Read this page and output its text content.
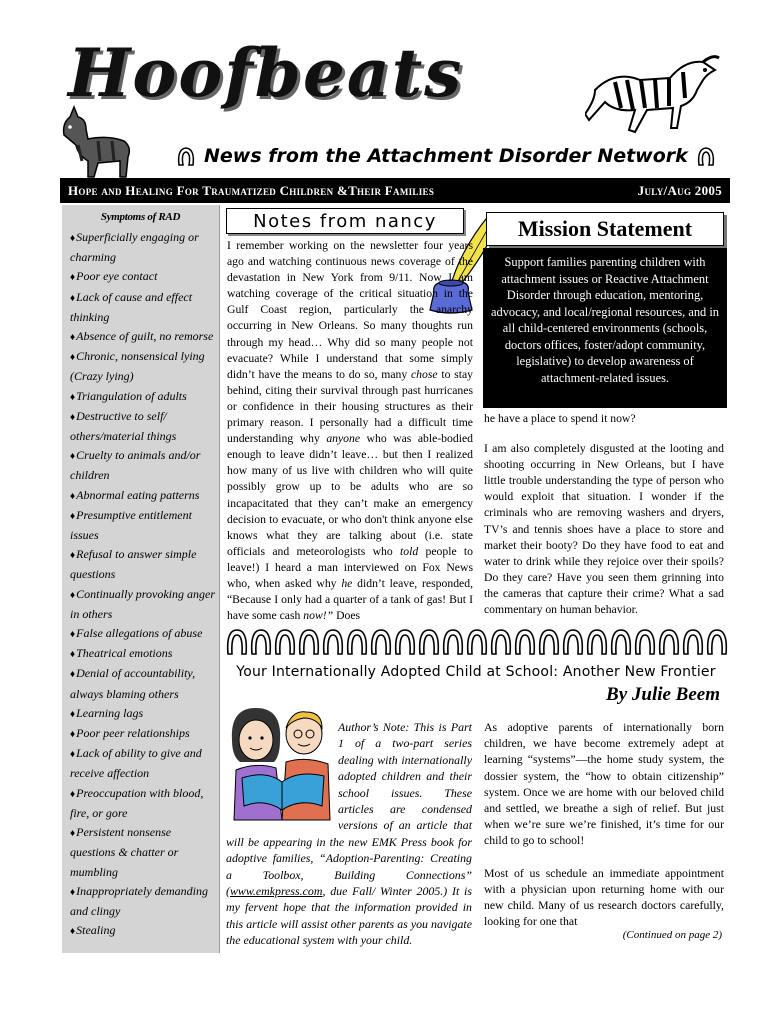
Hoofbeats
News from the Attachment Disorder Network
Hope and Healing For Traumatized Children &Their Families	July/Aug 2005
Symptoms of RAD
♦ Superficially engaging or charming
♦ Poor eye contact
♦ Lack of cause and effect thinking
♦ Absence of guilt, no remorse
♦ Chronic, nonsensical lying (Crazy lying)
♦ Triangulation of adults
♦ Destructive to self/ others/material things
♦ Cruelty to animals and/or children
♦ Abnormal eating patterns
♦ Presumptive entitlement issues
♦ Refusal to answer simple questions
♦ Continually provoking anger in others
♦ False allegations of abuse
♦ Theatrical emotions
♦ Denial of accountability, always blaming others
♦ Learning lags
♦ Poor peer relationships
♦ Lack of ability to give and receive affection
♦ Preoccupation with blood, fire, or gore
♦ Persistent nonsense questions & chatter or mumbling
♦ Inappropriately demanding and clingy
♦ Stealing
Notes from nancy
I remember working on the newsletter four years ago and watching continuous news coverage of the devastation in New York from 9/11. Now I am watching coverage of the critical situation in the Gulf Coast region, particularly the anarchy occurring in New Orleans. So many thoughts run through my head… Why did so many people not evacuate? While I understand that some simply didn’t have the means to do so, many chose to stay behind, citing their survival through past hurricanes or confidence in their housing structures as their primary reason. I personally had a difficult time understanding why anyone who was able-bodied enough to leave didn’t leave… but then I realized how many of us live with children who will quite possibly grow up to be adults who are so incapacitated that they can’t make an emergency decision to evacuate, or who don't think anyone else knows what they are talking about (i.e. state officials and meteorologists who told people to leave!) I heard a man interviewed on Fox News who, when asked why he didn’t leave, responded, “Because I only had a quarter of a tank of gas! But I have some cash now!” Does
Mission Statement
Support families parenting children with attachment issues or Reactive Attachment Disorder through education, mentoring, advocacy, and local/regional resources, and in all child-centered environments (schools, doctors offices, foster/adopt community, legislative) to develop awareness of attachment-related issues.

he have a place to spend it now?

I am also completely disgusted at the looting and shooting occurring in New Orleans, but I have little trouble understanding the type of person who would exploit that situation. I wonder if the criminals who are removing washers and dryers, TV’s and tennis shoes have a place to store and market their booty? Do they have food to eat and water to drink while they rejoice over their spoils? Do they care? Have you seen them grinning into the cameras that capture their crime? What a sad commentary on human behavior.

Your Internationally Adopted Child at School: Another New Frontier
By Julie Beem
Author’s Note: This is Part 1 of a two-part series dealing with internationally adopted children and their school issues. These articles are condensed versions of an article that will be appearing in the new EMK Press book for adoptive families, “Adoption-Parenting: Creating a Toolbox, Building Connections” (www.emkpress.com, due Fall/ Winter 2005.) It is my fervent hope that the information provided in this article will assist other parents as you navigate the educational system with your child.

As adoptive parents of internationally born children, we have become extremely adept at learning “systems”—the home study system, the dossier system, the “how to obtain citizenship” system. Once we are home with our beloved child and settled, we breathe a sigh of relief. But just when we’re sure we’re finished, it’s time for our child to go to school!

Most of us schedule an immediate appointment with a physician upon returning home with our new child. Many of us research doctors carefully, looking for one that

(Continued on page 2)
